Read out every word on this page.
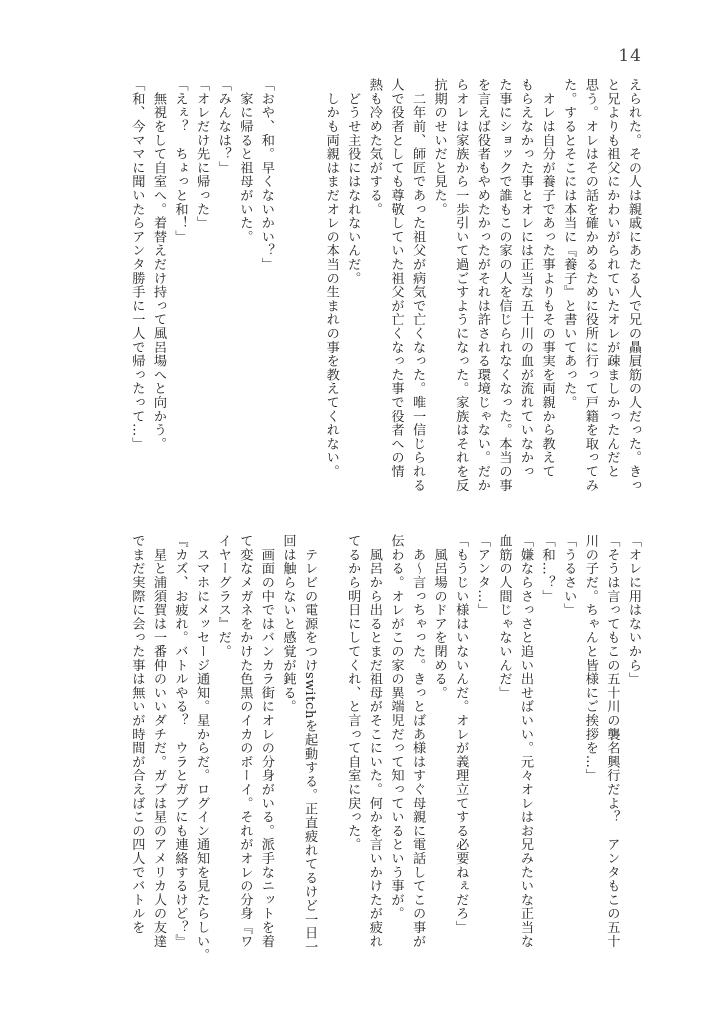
14
えられた。その人は親戚にあたる人で兄の贔屓筋の人だった。きっ
と兄よりも祖父にかわいがられていたオレが疎ましかったんだと
思う。オレはその話を確かめるために役所に行って戸籍を取ってみ
た。するとそこには本当に『養子』と書いてあった。
　オレは自分が養子であった事よりもその事実を両親から教えて
もらえなかった事とオレには正当な五十川の血が流れていなかっ
た事にショックで誰もこの家の人を信じられなくなった。本当の事
を言えば役者もやめたかったがそれは許される環境じゃない。だか
らオレは家族から一歩引いて過ごすようになった。家族はそれを反
抗期のせいだと見た。
　二年前、師匠であった祖父が病気で亡くなった。唯一信じられる
人で役者としても尊敬していた祖父が亡くなった事で役者への情
熱も冷めた気がする。
　どうせ主役にはなれないんだ。
　しかも両親はまだオレの本当の生まれの事を教えてくれない。
「おや、和。早くないかい？」
　家に帰ると祖母がいた。
「みんなは？」
「オレだけ先に帰った」
「えぇ？　ちょっと和！」
　無視をして自室へ。着替えだけ持って風呂場へと向かう。
「和、今ママに聞いたらアンタ勝手に一人で帰ったって…」
「オレに用はないから」
「そうは言ってもこの五十川の襲名興行だよ？　アンタもこの五十
川の子だ。ちゃんと皆様にご挨拶を…」
「うるさい」
「和…？」
「嫌ならさっさと追い出せばいい。元々オレはお兄みたいな正当な
血筋の人間じゃないんだ」
「アンタ…」
「もうじい様はいないんだ。オレが義理立てする必要ねぇだろ」
　風呂場のドアを閉める。
　あ～言っちゃった。きっとばあ様はすぐ母親に電話してこの事が
伝わる。オレがこの家の異端児だって知っているという事が。
　風呂から出るとまだ祖母がそこにいた。何かを言いかけたが疲れ
てるから明日にしてくれ、と言って自室に戻った。
　テレビの電源をつけswitchを起動する。正直疲れてるけど一日一
回は触らないと感覚が鈍る。
　画面の中ではバンカラ街にオレの分身がいる。派手なニットを着
て変なメガネをかけた色黒のイカのボーイ。それがオレの分身『ワ
イヤーグラス』だ。
　スマホにメッセージ通知。星からだ。ログイン通知を見たらしい。
『カズ、お疲れ。バトルやる？　ウラとガブにも連絡するけど？』
　星と浦須賀は一番仲のいいダチだ。ガブは星のアメリカ人の友達
でまだ実際に会った事は無いが時間が合えばこの四人でバトルを
